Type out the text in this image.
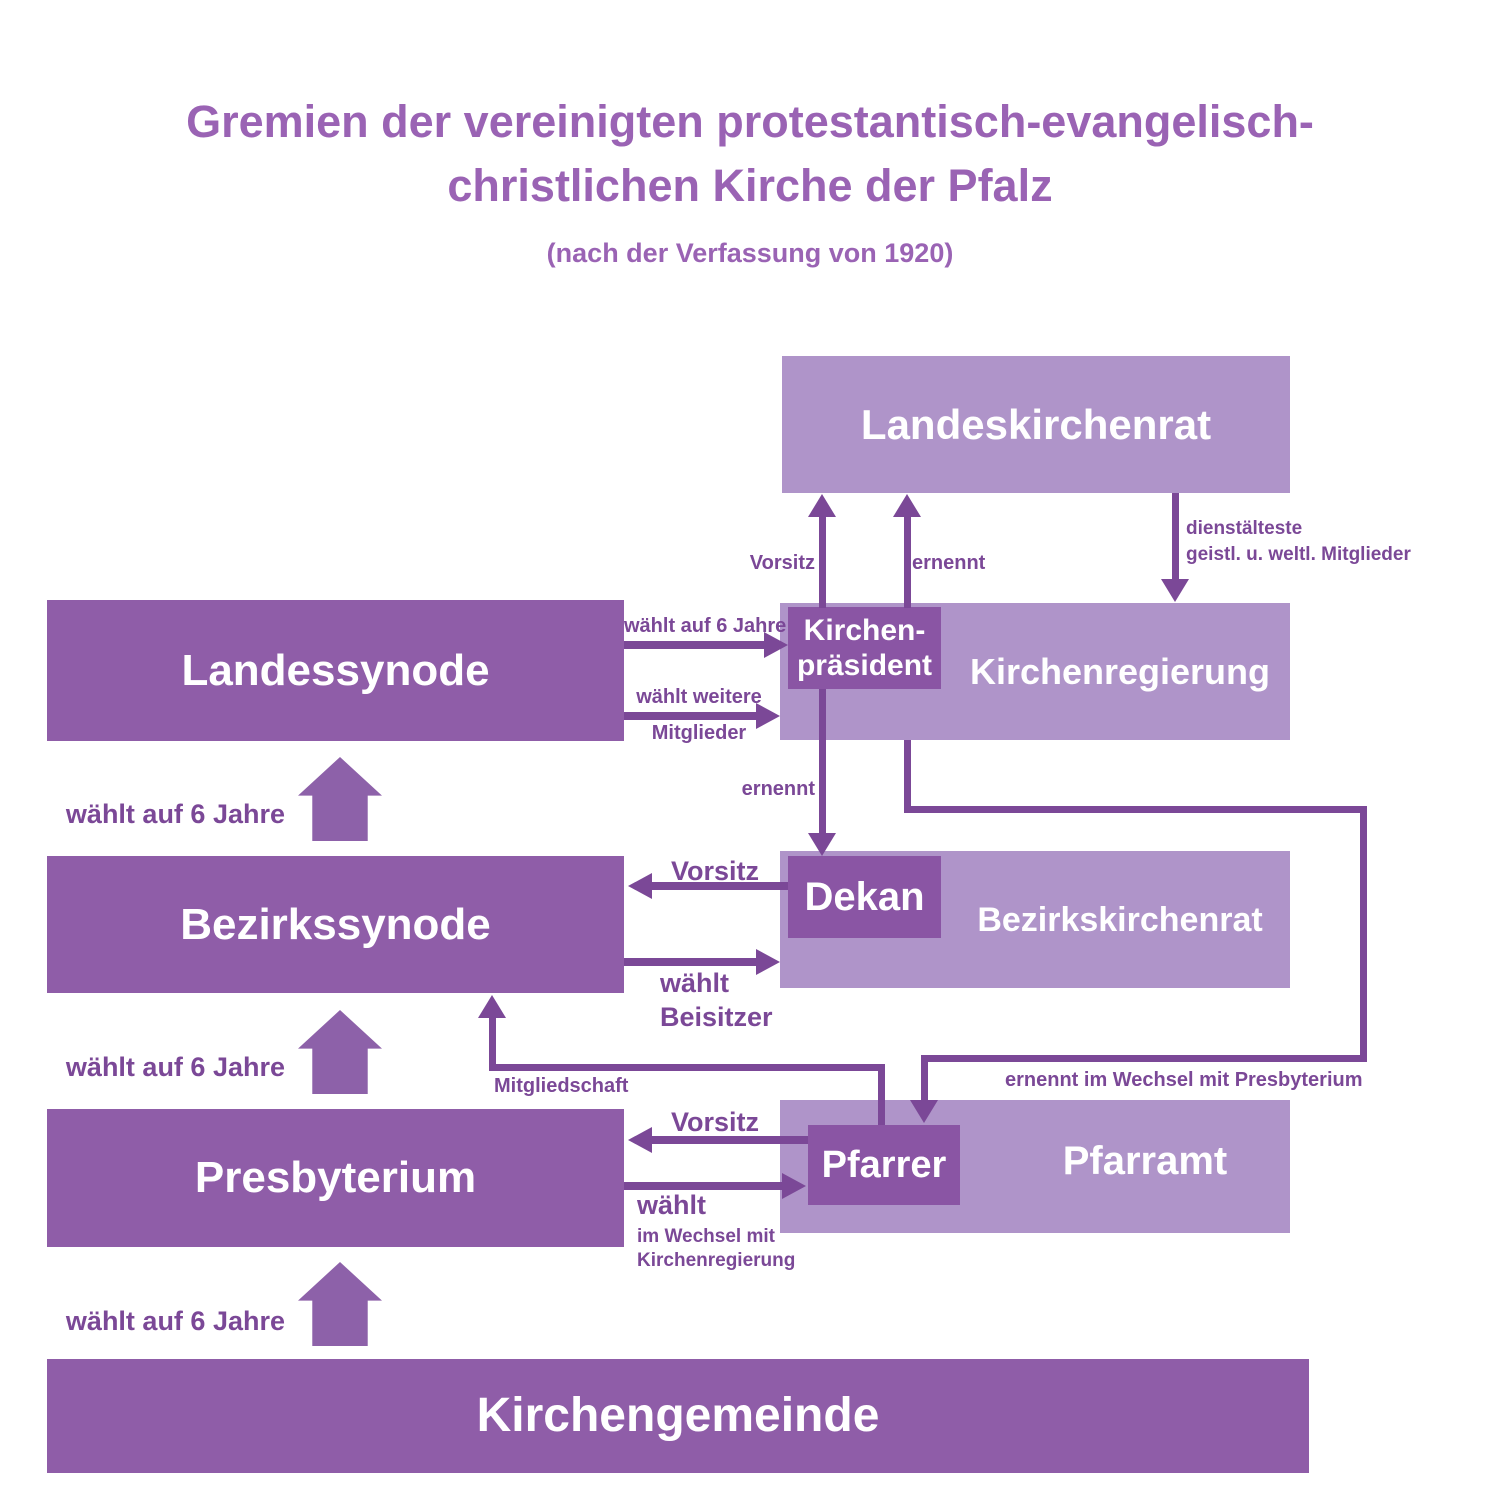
Gremien der vereinigten protestantisch-evangelisch-
christlichen Kirche der Pfalz
(nach der Verfassung von 1920)
Landeskirchenrat
Landessynode	Kirchenregierung
Kirchen-
präsident
Bezirkssynode	Bezirkskirchenrat
Dekan
Presbyterium	Pfarramt
Pfarrer
Kirchengemeinde
Vorsitz	ernennt
dienstälteste
geistl. u. weltl. Mitglieder
wählt auf 6 Jahre
wählt weitere
Mitglieder
ernennt
ernennt im Wechsel mit Presbyterium
Vorsitz
wählt
Beisitzer
Mitgliedschaft
Vorsitz
wählt
im Wechsel mit
Kirchenregierung
wählt auf 6 Jahre
wählt auf 6 Jahre
wählt auf 6 Jahre
